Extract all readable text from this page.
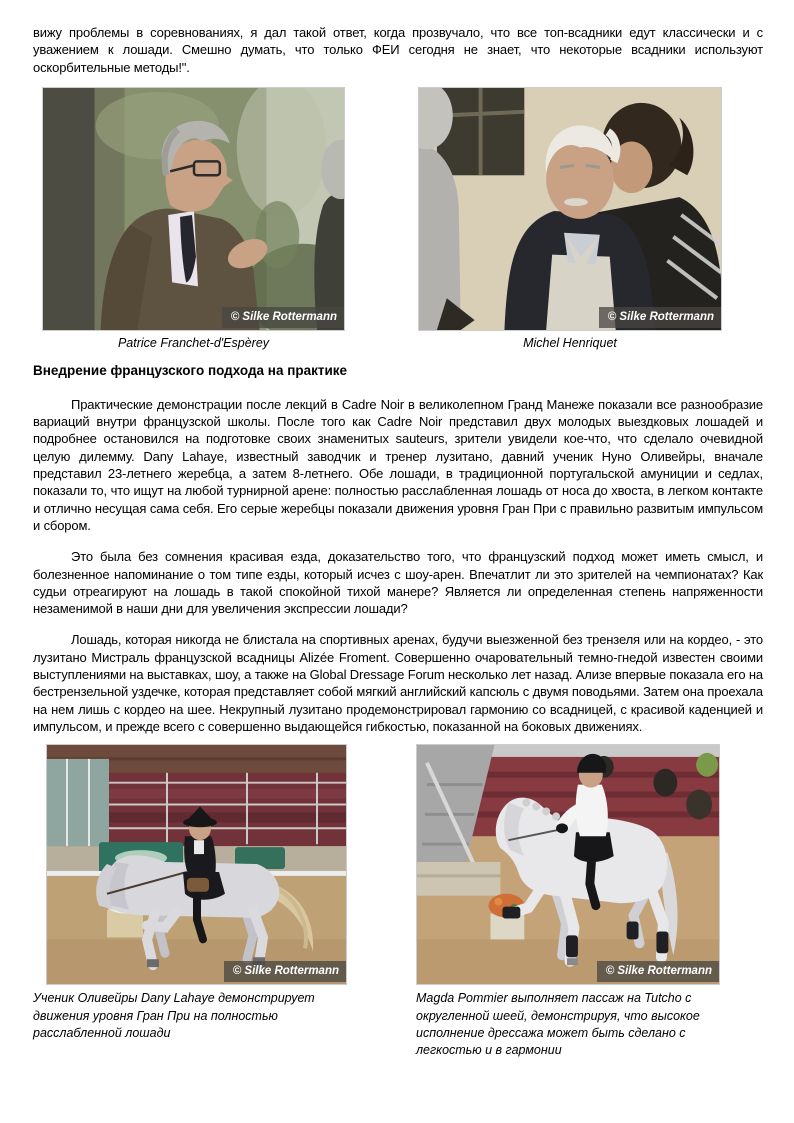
вижу проблемы в соревнованиях, я дал такой ответ, когда прозвучало, что все топ-всадники едут классически и с уважением к лошади. Смешно думать, что только ФЕИ сегодня не знает, что некоторые всадники используют оскорбительные методы!".

© Silke Rottermann
Patrice Franchet-d'Espèrey
© Silke Rottermann
Michel Henriquet
Внедрение французского подхода на практике

Практические демонстрации после лекций в Cadre Noir в великолепном Гранд Манеже показали все разнообразие вариаций внутри французской школы. После того как Cadre Noir представил двух молодых выездковых лошадей и подробнее остановился на подготовке своих знаменитых sauteurs, зрители увидели кое-что, что сделало очевидной целую дилемму. Dany Lahaye, известный заводчик и тренер лузитано, давний ученик Нуно Оливейры, вначале представил 23-летнего жеребца, а затем 8-летнего. Обе лошади, в традиционной португальской амуниции и седлах, показали то, что ищут на любой турнирной арене: полностью расслабленная лошадь от носа до хвоста, в легком контакте и отлично несущая сама себя. Его серые жеребцы показали движения уровня Гран При с правильно развитым импульсом и сбором.

Это была без сомнения красивая езда, доказательство того, что французский подход может иметь смысл, и болезненное напоминание о том типе езды, который исчез с шоу-арен. Впечатлит ли это зрителей на чемпионатах? Как судьи отреагируют на лошадь в такой спокойной тихой манере? Является ли определенная степень напряженности незаменимой в наши дни для увеличения экспрессии лошади?

Лошадь, которая никогда не блистала на спортивных аренах, будучи выезженной без трензеля или на кордео, - это лузитано Мистраль французской всадницы Alizée Froment. Совершенно очаровательный темно-гнедой известен своими выступлениями на выставках, шоу, а также на Global Dressage Forum несколько лет назад. Ализе впервые показала его на бестрензельной уздечке, которая представляет собой мягкий английский капсюль с двумя поводьями. Затем она проехала на нем лишь с кордео на шее. Некрупный лузитано продемонстрировал гармонию со всадницей, с красивой каденцией и импульсом, и прежде всего с совершенно выдающейся гибкостью, показанной на боковых движениях.

© Silke Rottermann
Ученик Оливейры Dany Lahaye демонстрирует движения уровня Гран При на полностью расслабленной лошади
© Silke Rottermann
Magda Pommier выполняет пассаж на Tutcho с округленной шеей, демонстрируя, что высокое исполнение дрессажа может быть сделано с легкостью и в гармонии
